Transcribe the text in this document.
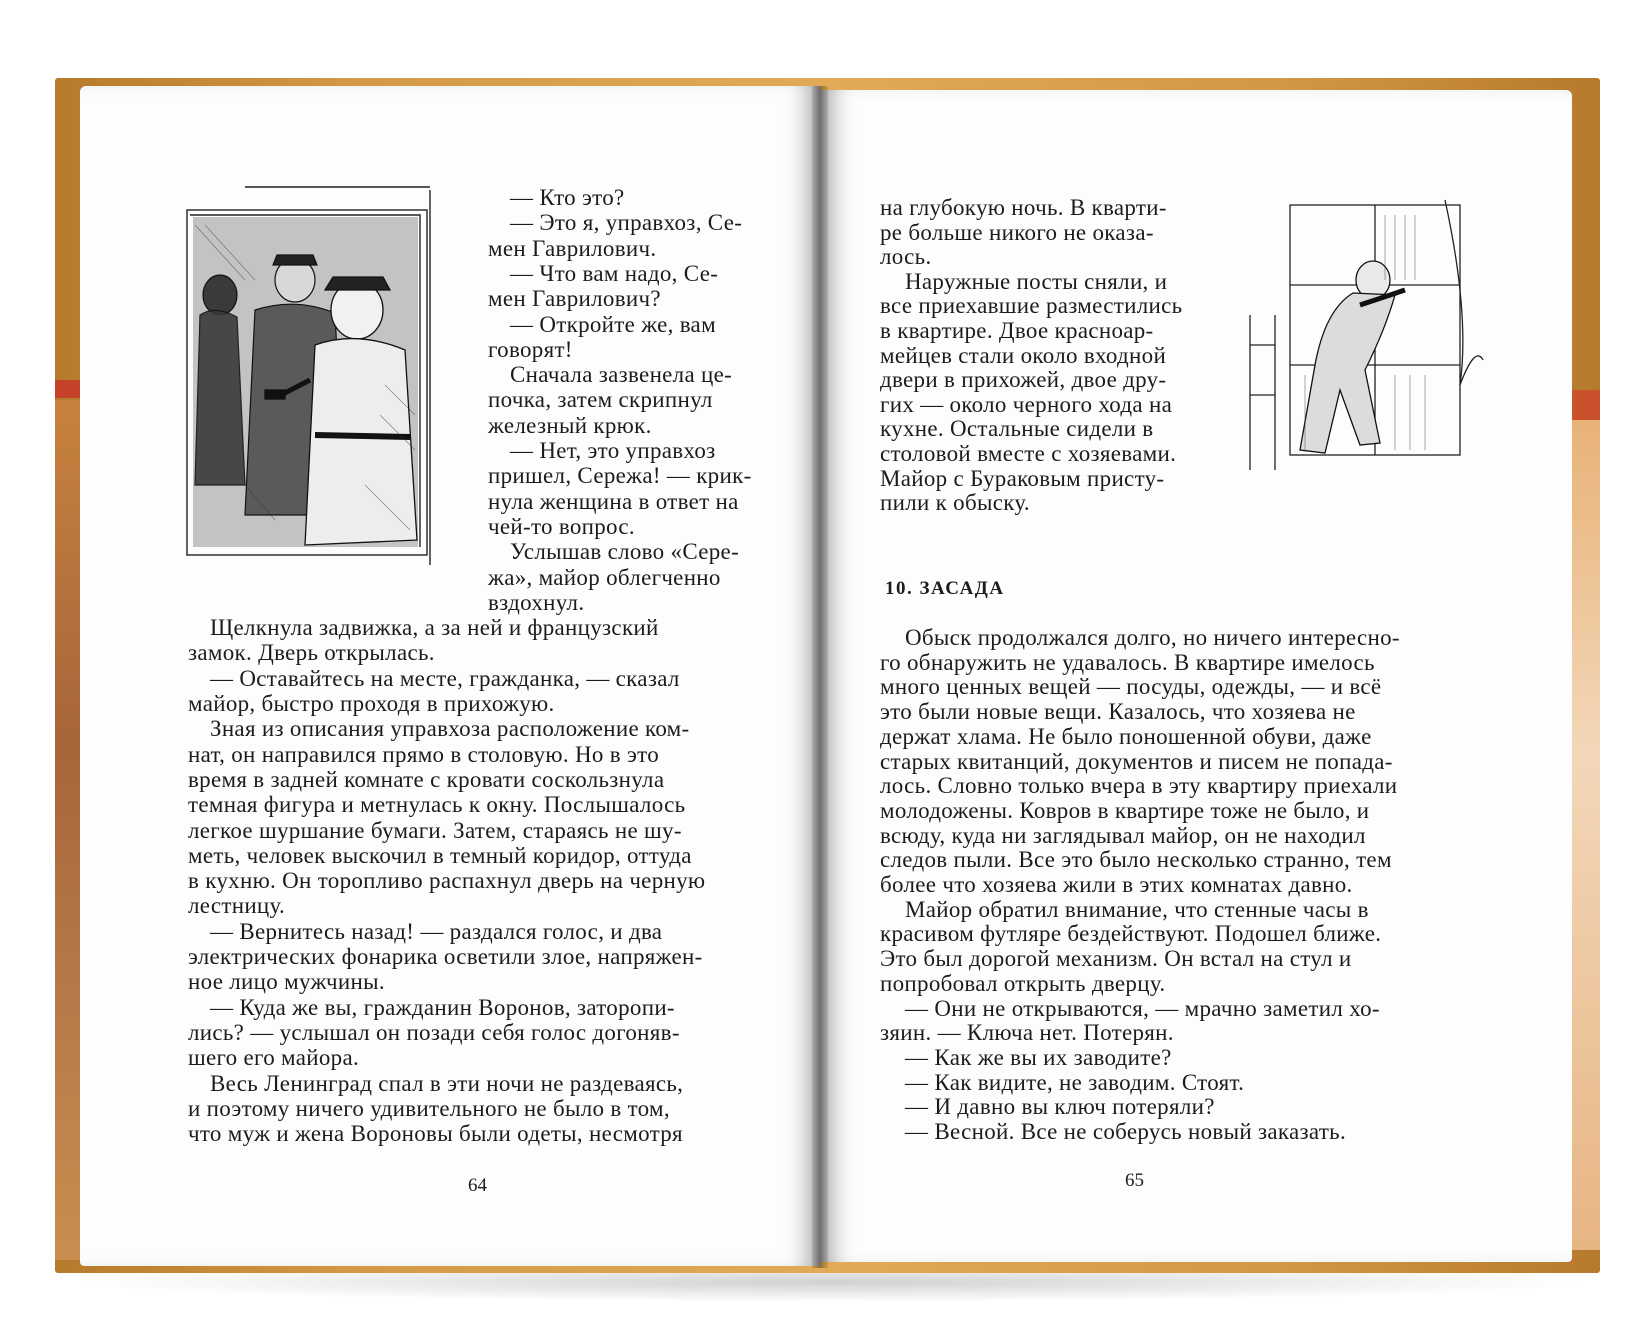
— Кто это?
— Это я, управхоз, Се-
мен Гаврилович.
— Что вам надо, Се-
мен Гаврилович?
— Откройте же, вам
говорят!
Сначала зазвенела це-
почка, затем скрипнул
железный крюк.
— Нет, это управхоз
пришел, Сережа! — крик-
нула женщина в ответ на
чей-то вопрос.
Услышав слово «Сере-
жа», майор облегченно
вздохнул.
Щелкнула задвижка, а за ней и французский
замок. Дверь открылась.
— Оставайтесь на месте, гражданка, — сказал
майор, быстро проходя в прихожую.
Зная из описания управхоза расположение ком-
нат, он направился прямо в столовую. Но в это
время в задней комнате с кровати соскользнула
темная фигура и метнулась к окну. Послышалось
легкое шуршание бумаги. Затем, стараясь не шу-
меть, человек выскочил в темный коридор, оттуда
в кухню. Он торопливо распахнул дверь на черную
лестницу.
— Вернитесь назад! — раздался голос, и два
электрических фонарика осветили злое, напряжен-
ное лицо мужчины.
— Куда же вы, гражданин Воронов, заторопи-
лись? — услышал он позади себя голос догоняв-
шего его майора.
Весь Ленинград спал в эти ночи не раздеваясь,
и поэтому ничего удивительного не было в том,
что муж и жена Вороновы были одеты, несмотря
на глубокую ночь. В кварти-
ре больше никого не оказа-
лось.
Наружные посты сняли, и
все приехавшие разместились
в квартире. Двое красноар-
мейцев стали около входной
двери в прихожей, двое дру-
гих — около черного хода на
кухне. Остальные сидели в
столовой вместе с хозяевами.
Майор с Бураковым присту-
пили к обыску.
Обыск продолжался долго, но ничего интересно-
го обнаружить не удавалось. В квартире имелось
много ценных вещей — посуды, одежды, — и всё
это были новые вещи. Казалось, что хозяева не
держат хлама. Не было поношенной обуви, даже
старых квитанций, документов и писем не попада-
лось. Словно только вчера в эту квартиру приехали
молодожены. Ковров в квартире тоже не было, и
всюду, куда ни заглядывал майор, он не находил
следов пыли. Все это было несколько странно, тем
более что хозяева жили в этих комнатах давно.
Майор обратил внимание, что стенные часы в
красивом футляре бездействуют. Подошел ближе.
Это был дорогой механизм. Он встал на стул и
попробовал открыть дверцу.
— Они не открываются, — мрачно заметил хо-
зяин. — Ключа нет. Потерян.
— Как же вы их заводите?
— Как видите, не заводим. Стоят.
— И давно вы ключ потеряли?
— Весной. Все не соберусь новый заказать.
10. ЗАСАДА
64	65
